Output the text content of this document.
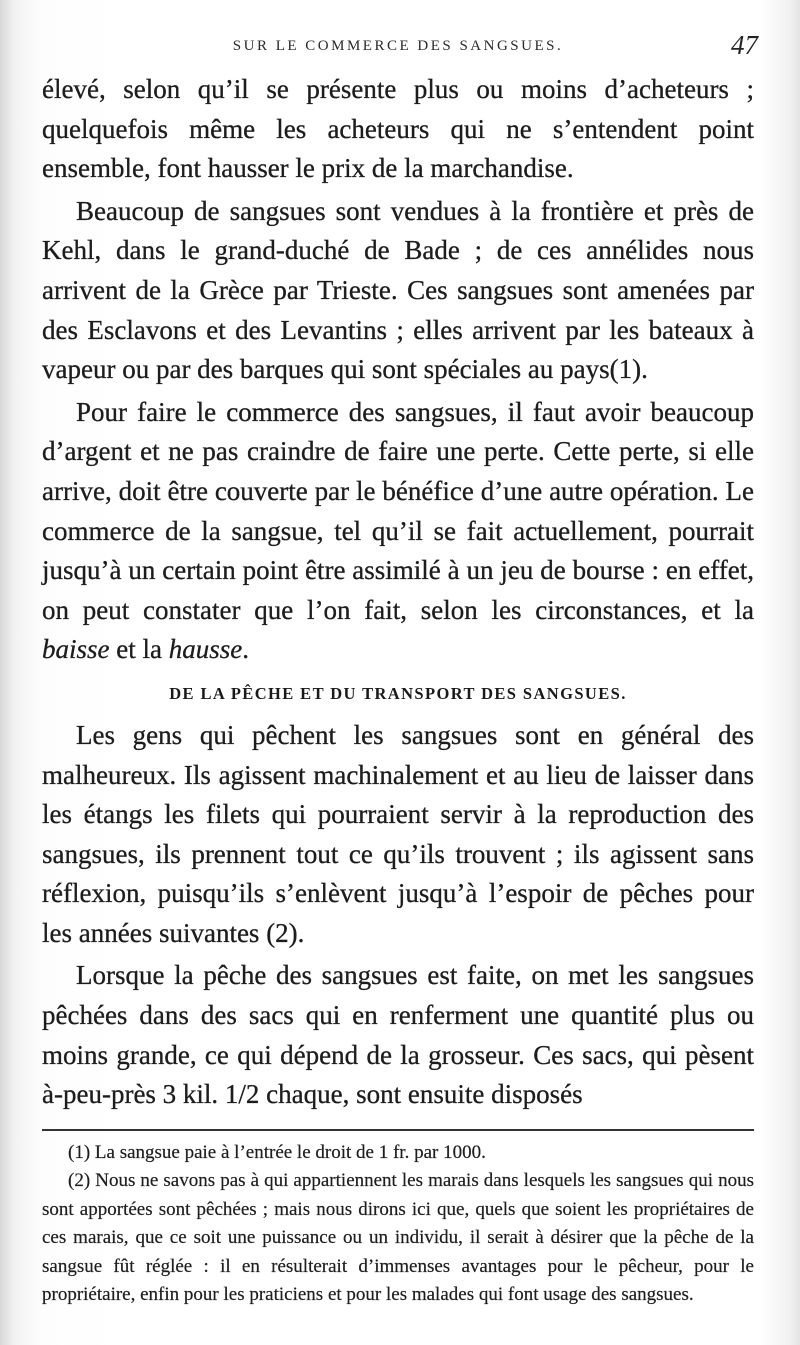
SUR LE COMMERCE DES SANGSUES.	47

élevé, selon qu’il se présente plus ou moins d’acheteurs ; quelquefois même les acheteurs qui ne s’entendent point ensemble, font hausser le prix de la marchandise.

Beaucoup de sangsues sont vendues à la frontière et près de Kehl, dans le grand-duché de Bade ; de ces annélides nous arrivent de la Grèce par Trieste. Ces sangsues sont amenées par des Esclavons et des Levantins ; elles arrivent par les bateaux à vapeur ou par des barques qui sont spéciales au pays(1).

Pour faire le commerce des sangsues, il faut avoir beaucoup d’argent et ne pas craindre de faire une perte. Cette perte, si elle arrive, doit être couverte par le bénéfice d’une autre opération. Le commerce de la sangsue, tel qu’il se fait actuellement, pourrait jusqu’à un certain point être assimilé à un jeu de bourse : en effet, on peut constater que l’on fait, selon les circonstances, et la baisse et la hausse.

DE LA PÊCHE ET DU TRANSPORT DES SANGSUES.

Les gens qui pêchent les sangsues sont en général des malheureux. Ils agissent machinalement et au lieu de laisser dans les étangs les filets qui pourraient servir à la reproduction des sangsues, ils prennent tout ce qu’ils trouvent ; ils agissent sans réflexion, puisqu’ils s’enlèvent jusqu’à l’espoir de pêches pour les années suivantes (2).

Lorsque la pêche des sangsues est faite, on met les sangsues pêchées dans des sacs qui en renferment une quantité plus ou moins grande, ce qui dépend de la grosseur. Ces sacs, qui pèsent à-peu-près 3 kil. 1/2 chaque, sont ensuite disposés

(1) La sangsue paie à l’entrée le droit de 1 fr. par 1000.

(2) Nous ne savons pas à qui appartiennent les marais dans lesquels les sangsues qui nous sont apportées sont pêchées ; mais nous dirons ici que, quels que soient les propriétaires de ces marais, que ce soit une puissance ou un individu, il serait à désirer que la pêche de la sangsue fût réglée : il en résulterait d’immenses avantages pour le pêcheur, pour le propriétaire, enfin pour les praticiens et pour les malades qui font usage des sangsues.
